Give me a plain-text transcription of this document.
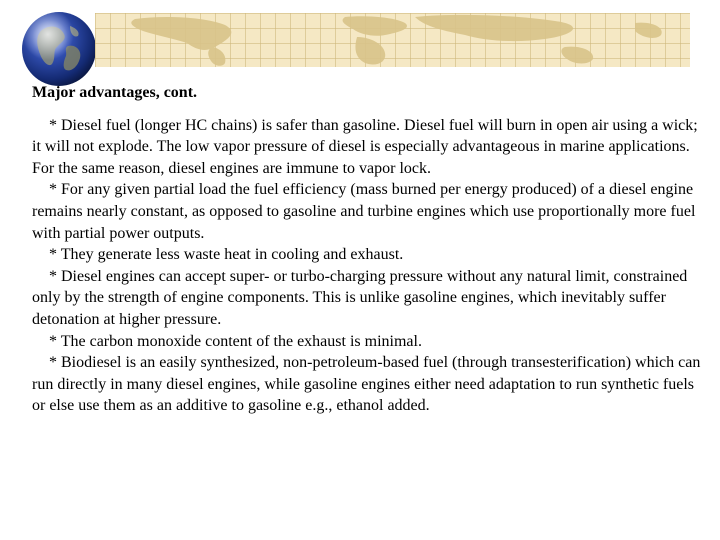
Major advantages, cont.

* Diesel fuel (longer HC chains) is safer than gasoline. Diesel fuel will burn in open air using a wick; it will not explode. The low vapor pressure of diesel is especially advantageous in marine applications. For the same reason, diesel engines are immune to vapor lock.

* For any given partial load the fuel efficiency (mass burned per energy produced) of a diesel engine remains nearly constant, as opposed to gasoline and turbine engines which use proportionally more fuel with partial power outputs.

* They generate less waste heat in cooling and exhaust.

* Diesel engines can accept super- or turbo-charging pressure without any natural limit, constrained only by the strength of engine components. This is unlike gasoline engines, which inevitably suffer detonation at higher pressure.

* The carbon monoxide content of the exhaust is minimal.

* Biodiesel is an easily synthesized, non-petroleum-based fuel (through transesterification) which can run directly in many diesel engines, while gasoline engines either need adaptation to run synthetic fuels or else use them as an additive to gasoline e.g., ethanol added.
